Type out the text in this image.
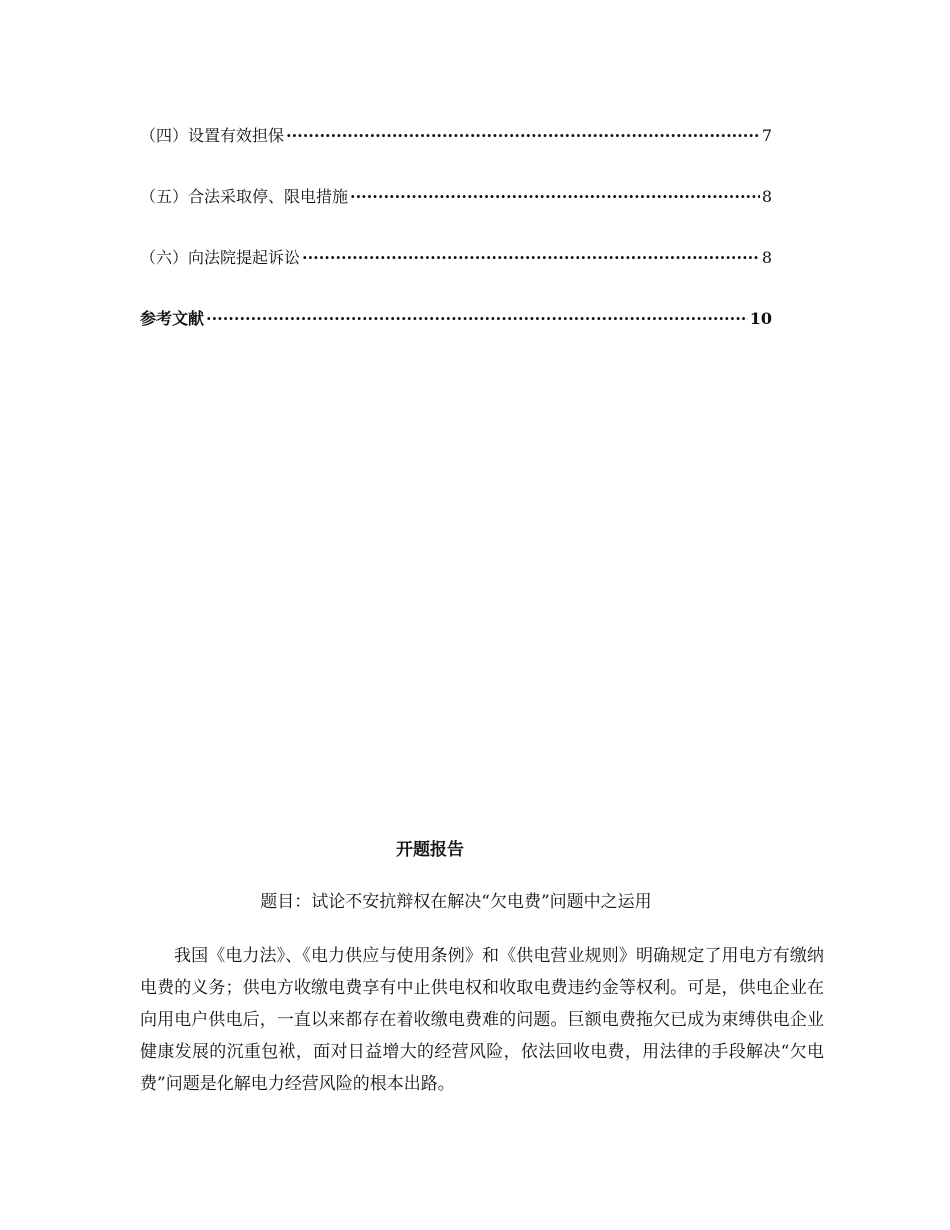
（四）设置有效担保 ·····	7
（五）合法采取停、限电措施 ·····	8
（六）向法院提起诉讼 ·····	8
参考文献 ·····	10
开题报告
题目：试论不安抗辩权在解决“欠电费”问题中之运用

我国《电力法》、《电力供应与使用条例》和《供电营业规则》明确规定了用电方有缴纳电费的义务；供电方收缴电费享有中止供电权和收取电费违约金等权利。可是，供电企业在向用电户供电后，一直以来都存在着收缴电费难的问题。巨额电费拖欠已成为束缚供电企业健康发展的沉重包袱，面对日益增大的经营风险，依法回收电费，用法律的手段解决“欠电费”问题是化解电力经营风险的根本出路。
